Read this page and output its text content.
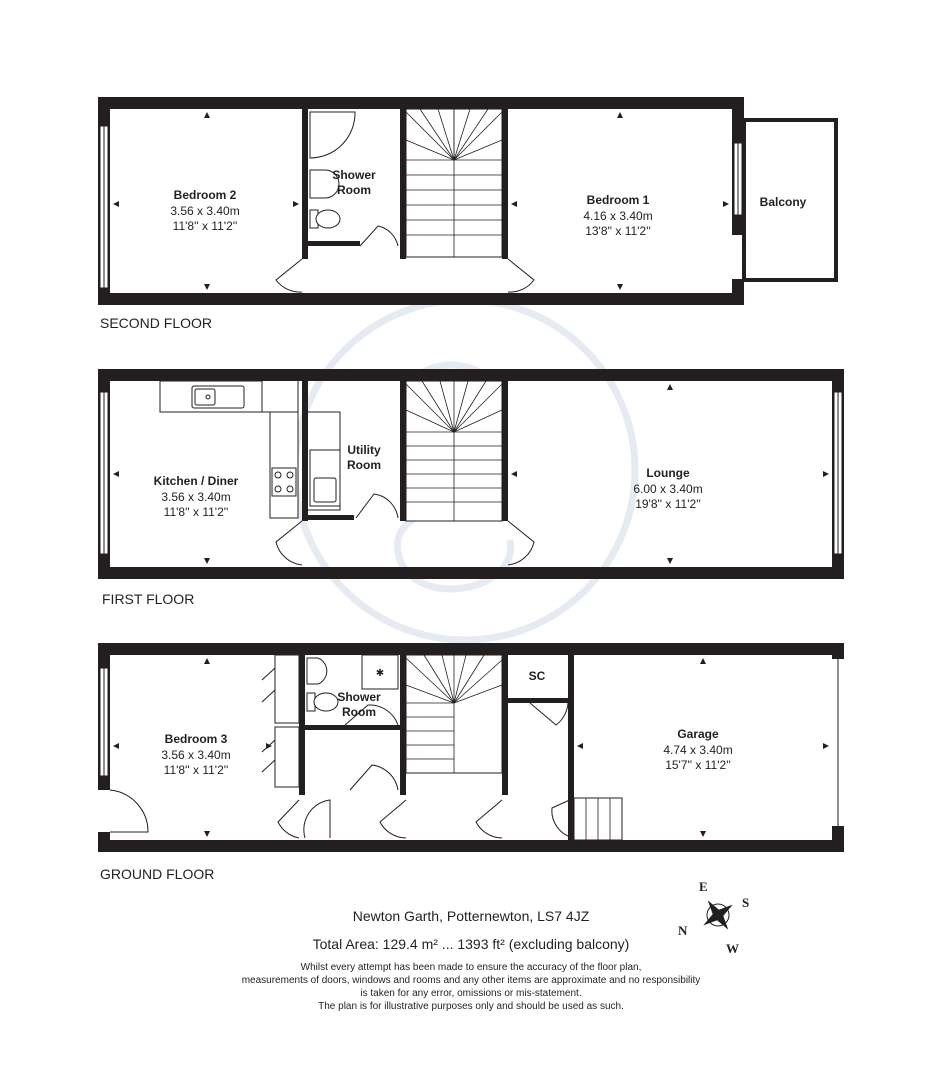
✱
Bedroom 2
3.56 x 3.40m
11'8'' x 11'2''
Shower
Room
Bedroom 1
4.16 x 3.40m
13'8'' x 11'2''
Balcony
Kitchen / Diner
3.56 x 3.40m
11'8'' x 11'2''
Utility
Room
Lounge
6.00 x 3.40m
19'8'' x 11'2''
Bedroom 3
3.56 x 3.40m
11'8'' x 11'2''
Shower
Room
SC
Garage
4.74 x 3.40m
15'7'' x 11'2''
SECOND FLOOR
FIRST FLOOR
GROUND FLOOR
E
S
W
N
Newton Garth, Potternewton, LS7 4JZ
Total Area: 129.4 m² ... 1393 ft² (excluding balcony)
Whilst every attempt has been made to ensure the accuracy of the floor plan,
measurements of doors, windows and rooms and any other items are approximate and no responsibility
is taken for any error, omissions or mis-statement.
The plan is for illustrative purposes only and should be used as such.
